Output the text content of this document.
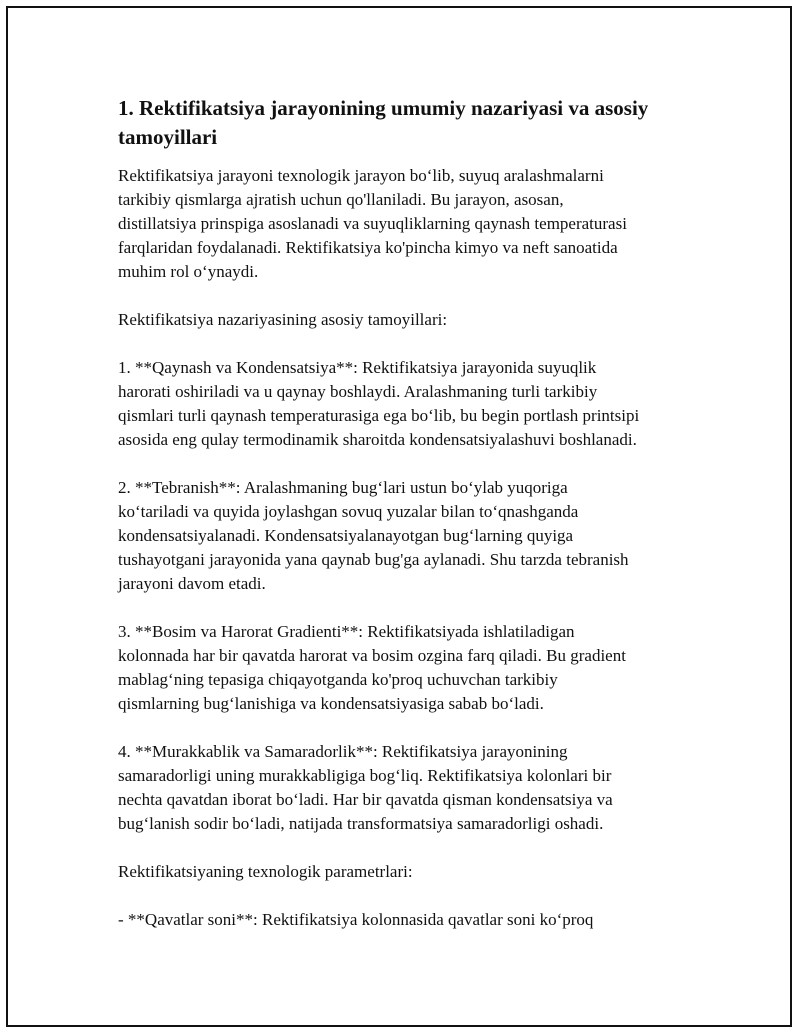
1. Rektifikatsiya jarayonining umumiy nazariyasi va asosiy
tamoyillari

Rektifikatsiya jarayoni texnologik jarayon bo‘lib, suyuq aralashmalarni
tarkibiy qismlarga ajratish uchun qo'llaniladi. Bu jarayon, asosan,
distillatsiya prinspiga asoslanadi va suyuqliklarning qaynash temperaturasi
farqlaridan foydalanadi. Rektifikatsiya ko'pincha kimyo va neft sanoatida
muhim rol o‘ynaydi.

Rektifikatsiya nazariyasining asosiy tamoyillari:

1. **Qaynash va Kondensatsiya**: Rektifikatsiya jarayonida suyuqlik
harorati oshiriladi va u qaynay boshlaydi. Aralashmaning turli tarkibiy
qismlari turli qaynash temperaturasiga ega bo‘lib, bu begin portlash printsipi
asosida eng qulay termodinamik sharoitda kondensatsiyalashuvi boshlanadi.

2. **Tebranish**: Aralashmaning bug‘lari ustun bo‘ylab yuqoriga
ko‘tariladi va quyida joylashgan sovuq yuzalar bilan to‘qnashganda
kondensatsiyalanadi. Kondensatsiyalanayotgan bug‘larning quyiga
tushayotgani jarayonida yana qaynab bug'ga aylanadi. Shu tarzda tebranish
jarayoni davom etadi.

3. **Bosim va Harorat Gradienti**: Rektifikatsiyada ishlatiladigan
kolonnada har bir qavatda harorat va bosim ozgina farq qiladi. Bu gradient
mablag‘ning tepasiga chiqayotganda ko'proq uchuvchan tarkibiy
qismlarning bug‘lanishiga va kondensatsiyasiga sabab bo‘ladi.

4. **Murakkablik va Samaradorlik**: Rektifikatsiya jarayonining
samaradorligi uning murakkabligiga bog‘liq. Rektifikatsiya kolonlari bir
nechta qavatdan iborat bo‘ladi. Har bir qavatda qisman kondensatsiya va
bug‘lanish sodir bo‘ladi, natijada transformatsiya samaradorligi oshadi.

Rektifikatsiyaning texnologik parametrlari:

- **Qavatlar soni**: Rektifikatsiya kolonnasida qavatlar soni ko‘proq
